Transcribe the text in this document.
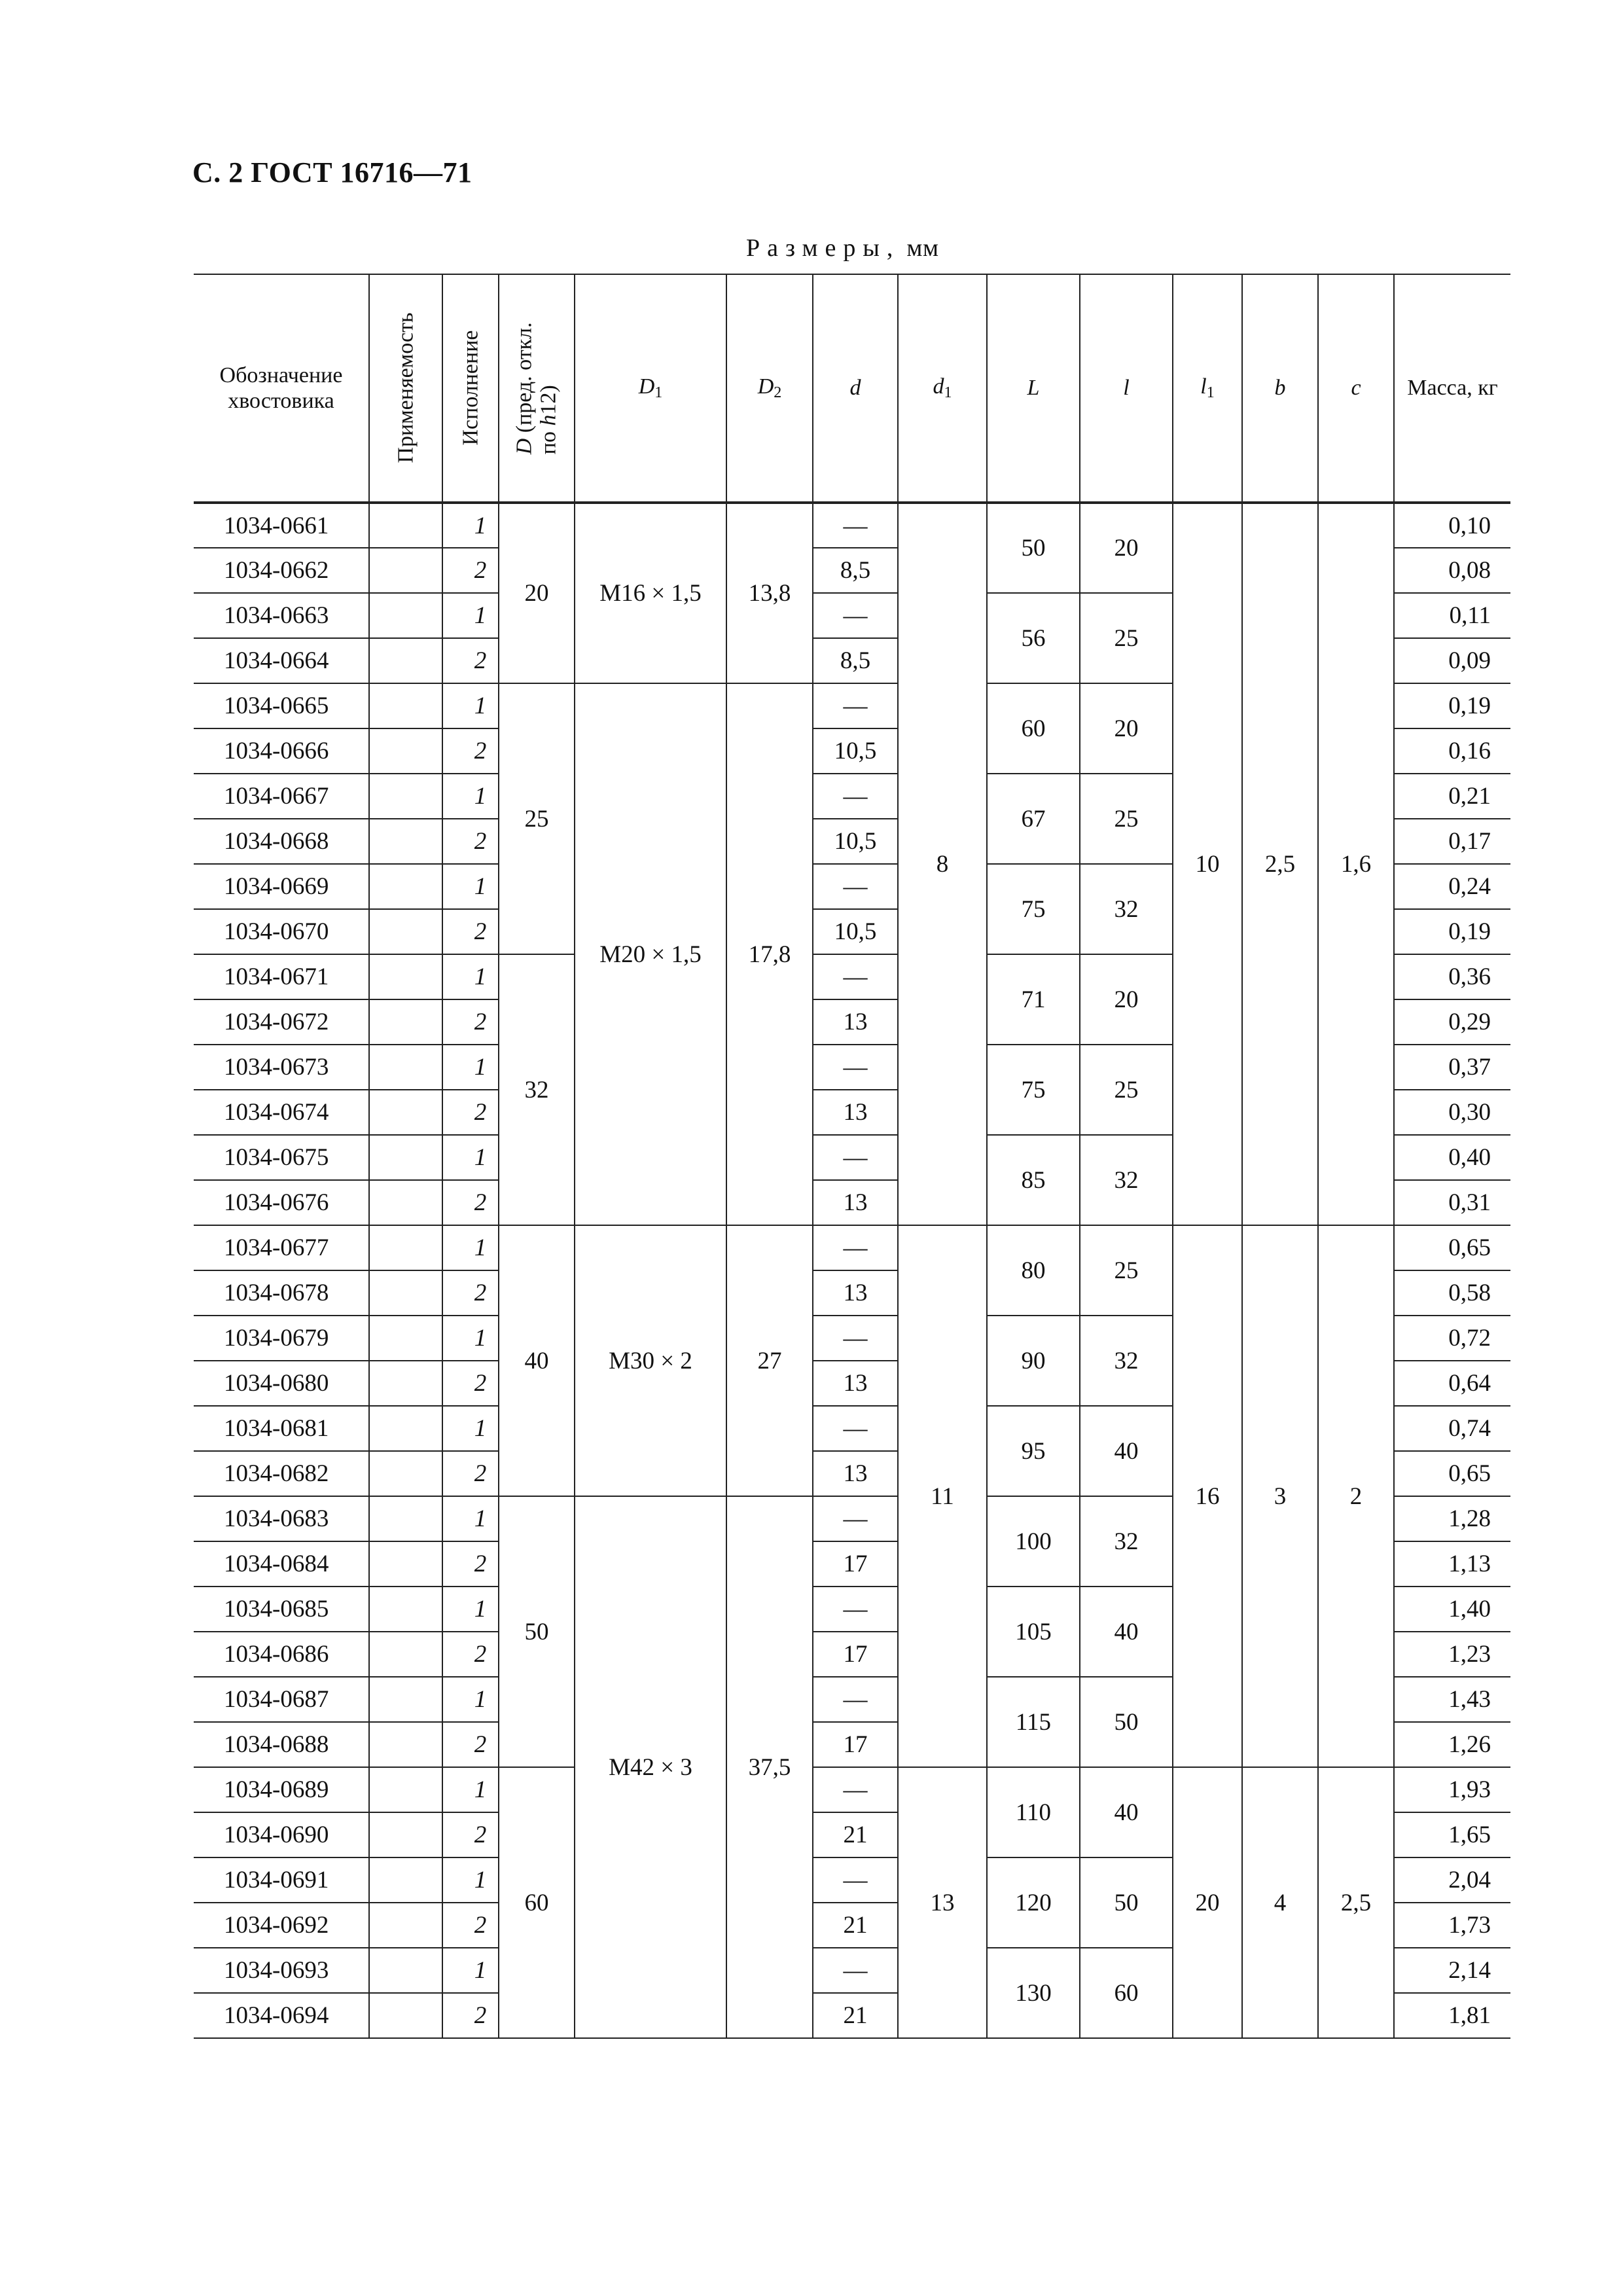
С. 2 ГОСТ 16716—71
Размеры, мм
Обозначение хвостовика	Применяемость	Исполнение	D (пред. откл.
по h12)	$D_1$	$D_2$	d	$d_1$	L	l	$l_1$	b	c	Масса, кг
1034-0661		1	20	M16 × 1,5	13,8	—	8	50	20	10	2,5	1,6	0,10
1034-0662		2				8,5							0,08
1034-0663		1				—		56	25				0,11
1034-0664		2				8,5							0,09
1034-0665		1	25	M20 × 1,5	17,8	—		60	20				0,19
1034-0666		2				10,5							0,16
1034-0667		1				—		67	25				0,21
1034-0668		2				10,5							0,17
1034-0669		1				—		75	32				0,24
1034-0670		2				10,5							0,19
1034-0671		1	32			—		71	20				0,36
1034-0672		2				13							0,29
1034-0673		1				—		75	25				0,37
1034-0674		2				13							0,30
1034-0675		1				—		85	32				0,40
1034-0676		2				13							0,31
1034-0677		1	40	M30 × 2	27	—	11	80	25	16	3	2	0,65
1034-0678		2				13							0,58
1034-0679		1				—		90	32				0,72
1034-0680		2				13							0,64
1034-0681		1				—		95	40				0,74
1034-0682		2				13							0,65
1034-0683		1	50	M42 × 3	37,5	—		100	32				1,28
1034-0684		2				17							1,13
1034-0685		1				—		105	40				1,40
1034-0686		2				17							1,23
1034-0687		1				—		115	50				1,43
1034-0688		2				17							1,26
1034-0689		1	60			—	13	110	40	20	4	2,5	1,93
1034-0690		2				21							1,65
1034-0691		1				—		120	50				2,04
1034-0692		2				21							1,73
1034-0693		1				—		130	60				2,14
1034-0694		2				21							1,81
